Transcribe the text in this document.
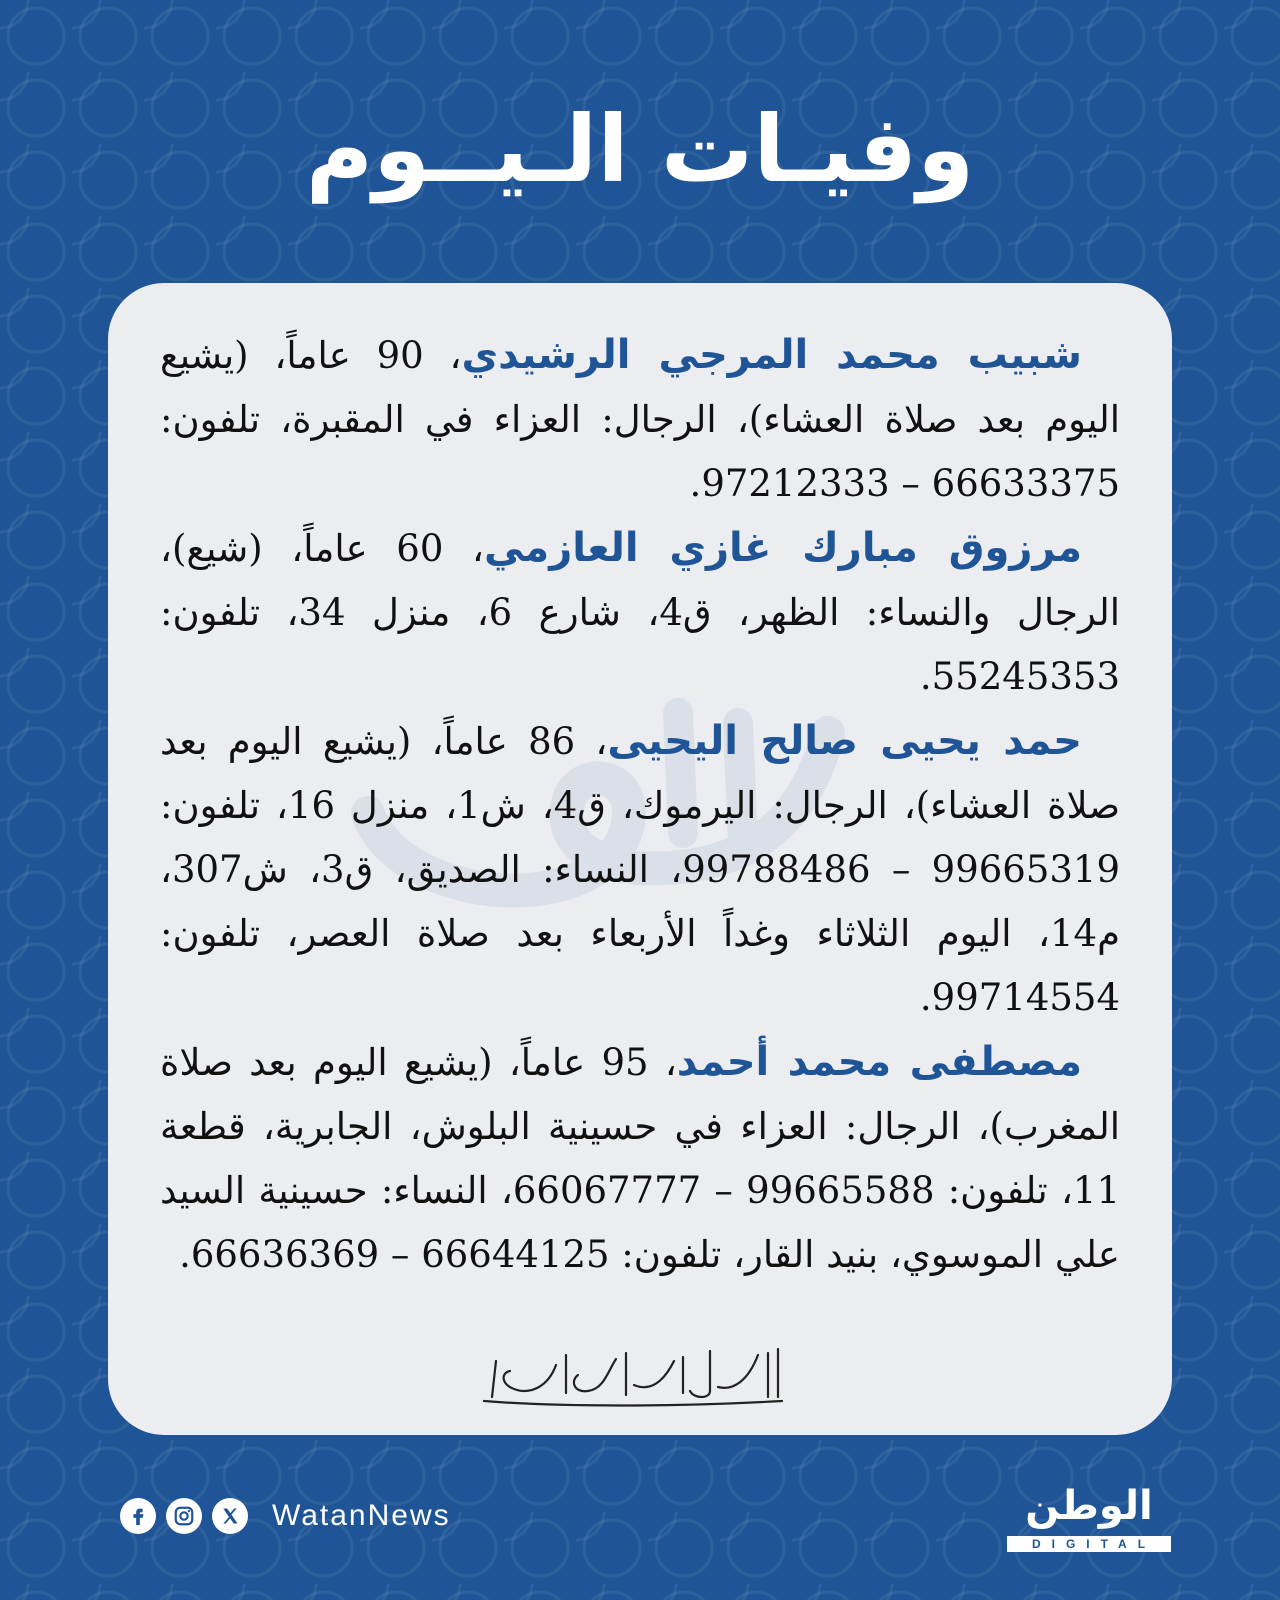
وفيـات الـيــوم

شبيب محمد المرجي الرشيدي، 90 عاماً، (يشيع اليوم بعد صلاة العشاء)، الرجال: العزاء في المقبرة، تلفون: 66633375 – 97212333.

مرزوق مبارك غازي العازمي، 60 عاماً، (شيع)، الرجال والنساء: الظهر، ق4، شارع 6، منزل 34، تلفون: 55245353.

حمد يحيى صالح اليحيى، 86 عاماً، (يشيع اليوم بعد صلاة العشاء)، الرجال: اليرموك، ق4، ش1، منزل 16، تلفون: 99665319 – 99788486، النساء: الصديق، ق3، ش307، م14، اليوم الثلاثاء وغداً الأربعاء بعد صلاة العصر، تلفون: 99714554.

مصطفى محمد أحمد، 95 عاماً، (يشيع اليوم بعد صلاة المغرب)، الرجال: العزاء في حسينية البلوش، الجابرية، قطعة 11، تلفون: 99665588 – 66067777، النساء: حسينية السيد علي الموسوي، بنيد القار، تلفون: 66644125 – 66636369.

WatanNews	الوطن
DIGITAL
